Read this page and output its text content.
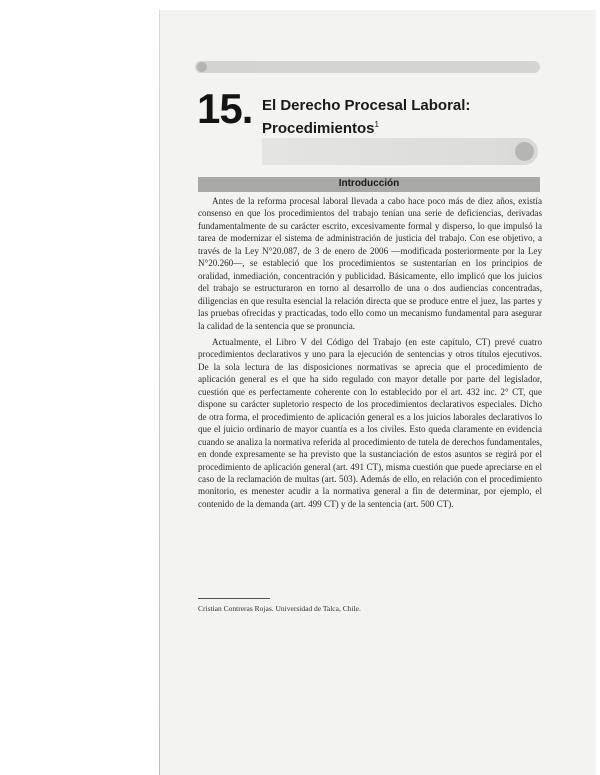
15. El Derecho Procesal Laboral:
Procedimientos$^1$
Introducción

Antes de la reforma procesal laboral llevada a cabo hace poco más de diez años, existía consenso en que los procedimientos del trabajo tenían una serie de deficiencias, derivadas fundamentalmente de su carácter escrito, excesivamente formal y disperso, lo que impulsó la tarea de modernizar el sistema de administración de justicia del trabajo. Con ese objetivo, a través de la Ley N°20.087, de 3 de enero de 2006 —modificada posteriormente por la Ley N°20.260—, se estableció que los procedimientos se sustentarían en los principios de oralidad, inmediación, concentración y publicidad. Básicamente, ello implicó que los juicios del trabajo se estructuraron en torno al desarrollo de una o dos audiencias concentradas, diligencias en que resulta esencial la relación directa que se produce entre el juez, las partes y las pruebas ofrecidas y practicadas, todo ello como un mecanismo fundamental para asegurar la calidad de la sentencia que se pronuncia.

Actualmente, el Libro V del Código del Trabajo (en este capítulo, CT) prevé cuatro procedimientos declarativos y uno para la ejecución de sentencias y otros títulos ejecutivos. De la sola lectura de las disposiciones normativas se aprecia que el procedimiento de aplicación general es el que ha sido regulado con mayor detalle por parte del legislador, cuestión que es perfectamente coherente con lo establecido por el art. 432 inc. 2° CT, que dispone su carácter supletorio respecto de los procedimientos declarativos especiales. Dicho de otra forma, el procedimiento de aplicación general es a los juicios laborales declarativos lo que el juicio ordinario de mayor cuantía es a los civiles. Esto queda claramente en evidencia cuando se analiza la normativa referida al procedimiento de tutela de derechos fundamentales, en donde expresamente se ha previsto que la sustanciación de estos asuntos se regirá por el procedimiento de aplicación general (art. 491 CT), misma cuestión que puede apreciarse en el caso de la reclamación de multas (art. 503). Además de ello, en relación con el procedimiento monitorio, es menester acudir a la normativa general a fin de determinar, por ejemplo, el contenido de la demanda (art. 499 CT) y de la sentencia (art. 500 CT).

Cristian Contreras Rojas. Universidad de Talca, Chile.
